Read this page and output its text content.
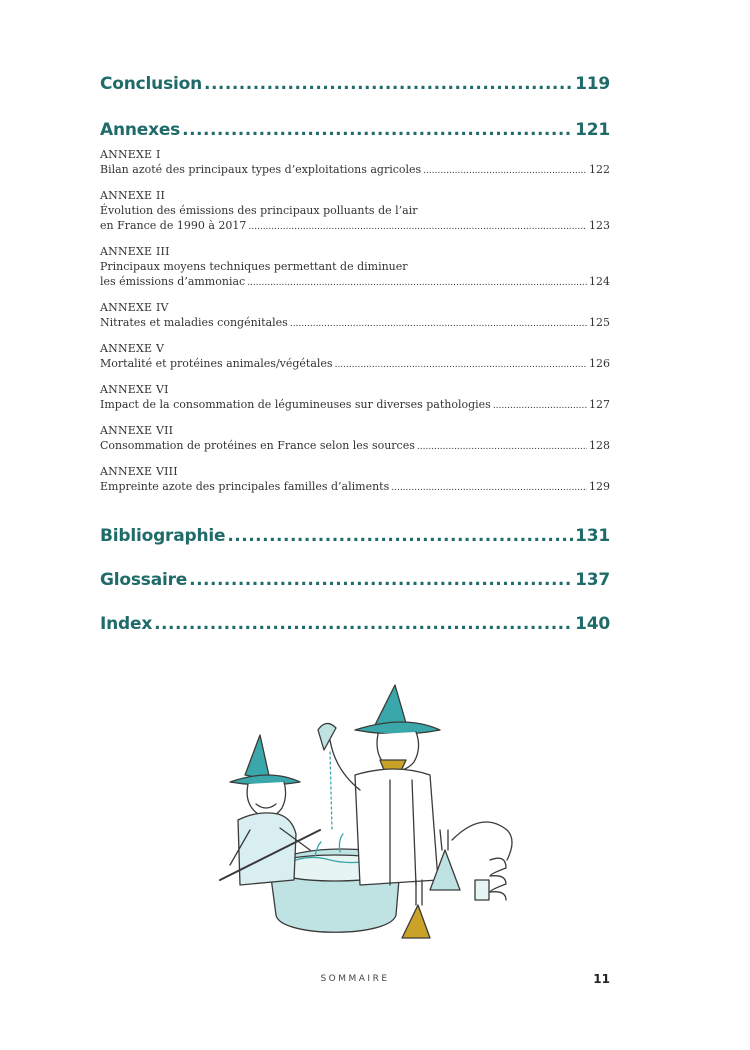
Conclusion .....	119
Annexes .....	121
ANNEXE I
Bilan azoté des principaux types d’exploitations agricoles .....	122
ANNEXE II
Évolution des émissions des principaux polluants de l’air
en France de 1990 à 2017 .....	123
ANNEXE III
Principaux moyens techniques permettant de diminuer
les émissions d’ammoniac .....	124
ANNEXE IV
Nitrates et maladies congénitales .....	125
ANNEXE V
Mortalité et protéines animales/végétales .....	126
ANNEXE VI
Impact de la consommation de légumineuses sur diverses pathologies .....	127
ANNEXE VII
Consommation de protéines en France selon les sources .....	128
ANNEXE VIII
Empreinte azote des principales familles d’aliments .....	129
Bibliographie .....	131
Glossaire .....	137
Index .....	140
SOMMAIRE	11
